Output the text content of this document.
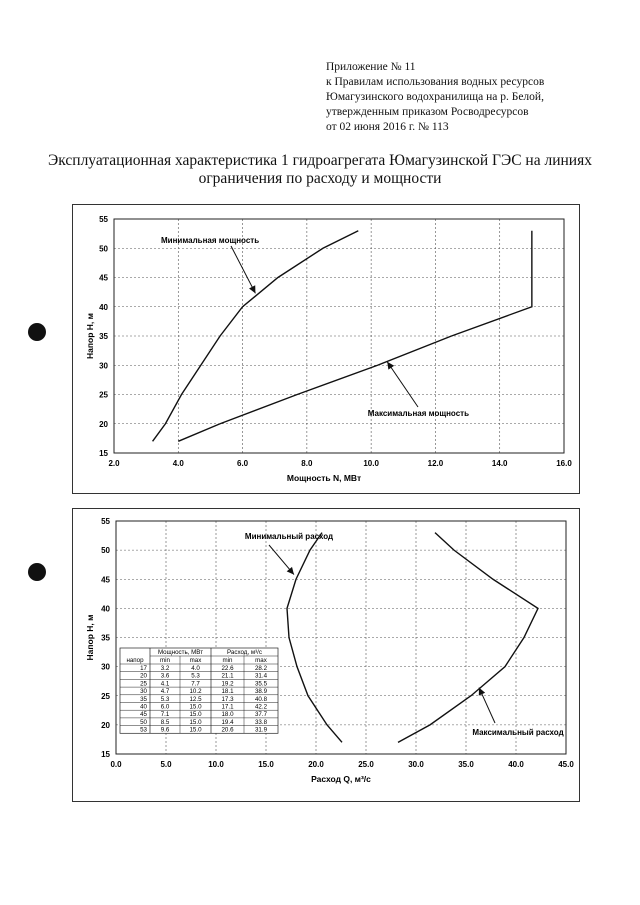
Приложение № 11
к Правилам использования водных ресурсов
Юмагузинского водохранилища на р. Белой,
утвержденным приказом Росводресурсов
от 02 июня 2016 г. № 113
Эксплуатационная характеристика 1 гидроагрегата Юмагузинской ГЭС на линиях
ограничения по расходу и мощности
2.0	4.0	6.0	8.0	10.0	12.0	14.0	16.0
15
20
25
30
35
40
45
50
55
Мощность N, МВт
Напор H, м
Минимальная мощность
Максимальная мощность
0.0	5.0	10.0	15.0	20.0	25.0	30.0	35.0	40.0	45.0
15
20
25
30
35
40
45
50
55
Расход Q, м³/с
Напор H, м
Минимальный расход
Максимальный расход
Мощность, МВт	Расход, м³/с
напор	min	max	min	max
17 3.2	4.0	22.6	28.2
20 3.6	5.3	21.1	31.4
25 4.1	7.7	19.2	35.5
30 4.7	10.2	18.1	38.9
35 5.3	12.5	17.3	40.8
40 6.0	15.0	17.1	42.2
45 7.1	15.0	18.0	37.7
50 8.5	15.0	19.4	33.8
53 9.6	15.0	20.6	31.9
